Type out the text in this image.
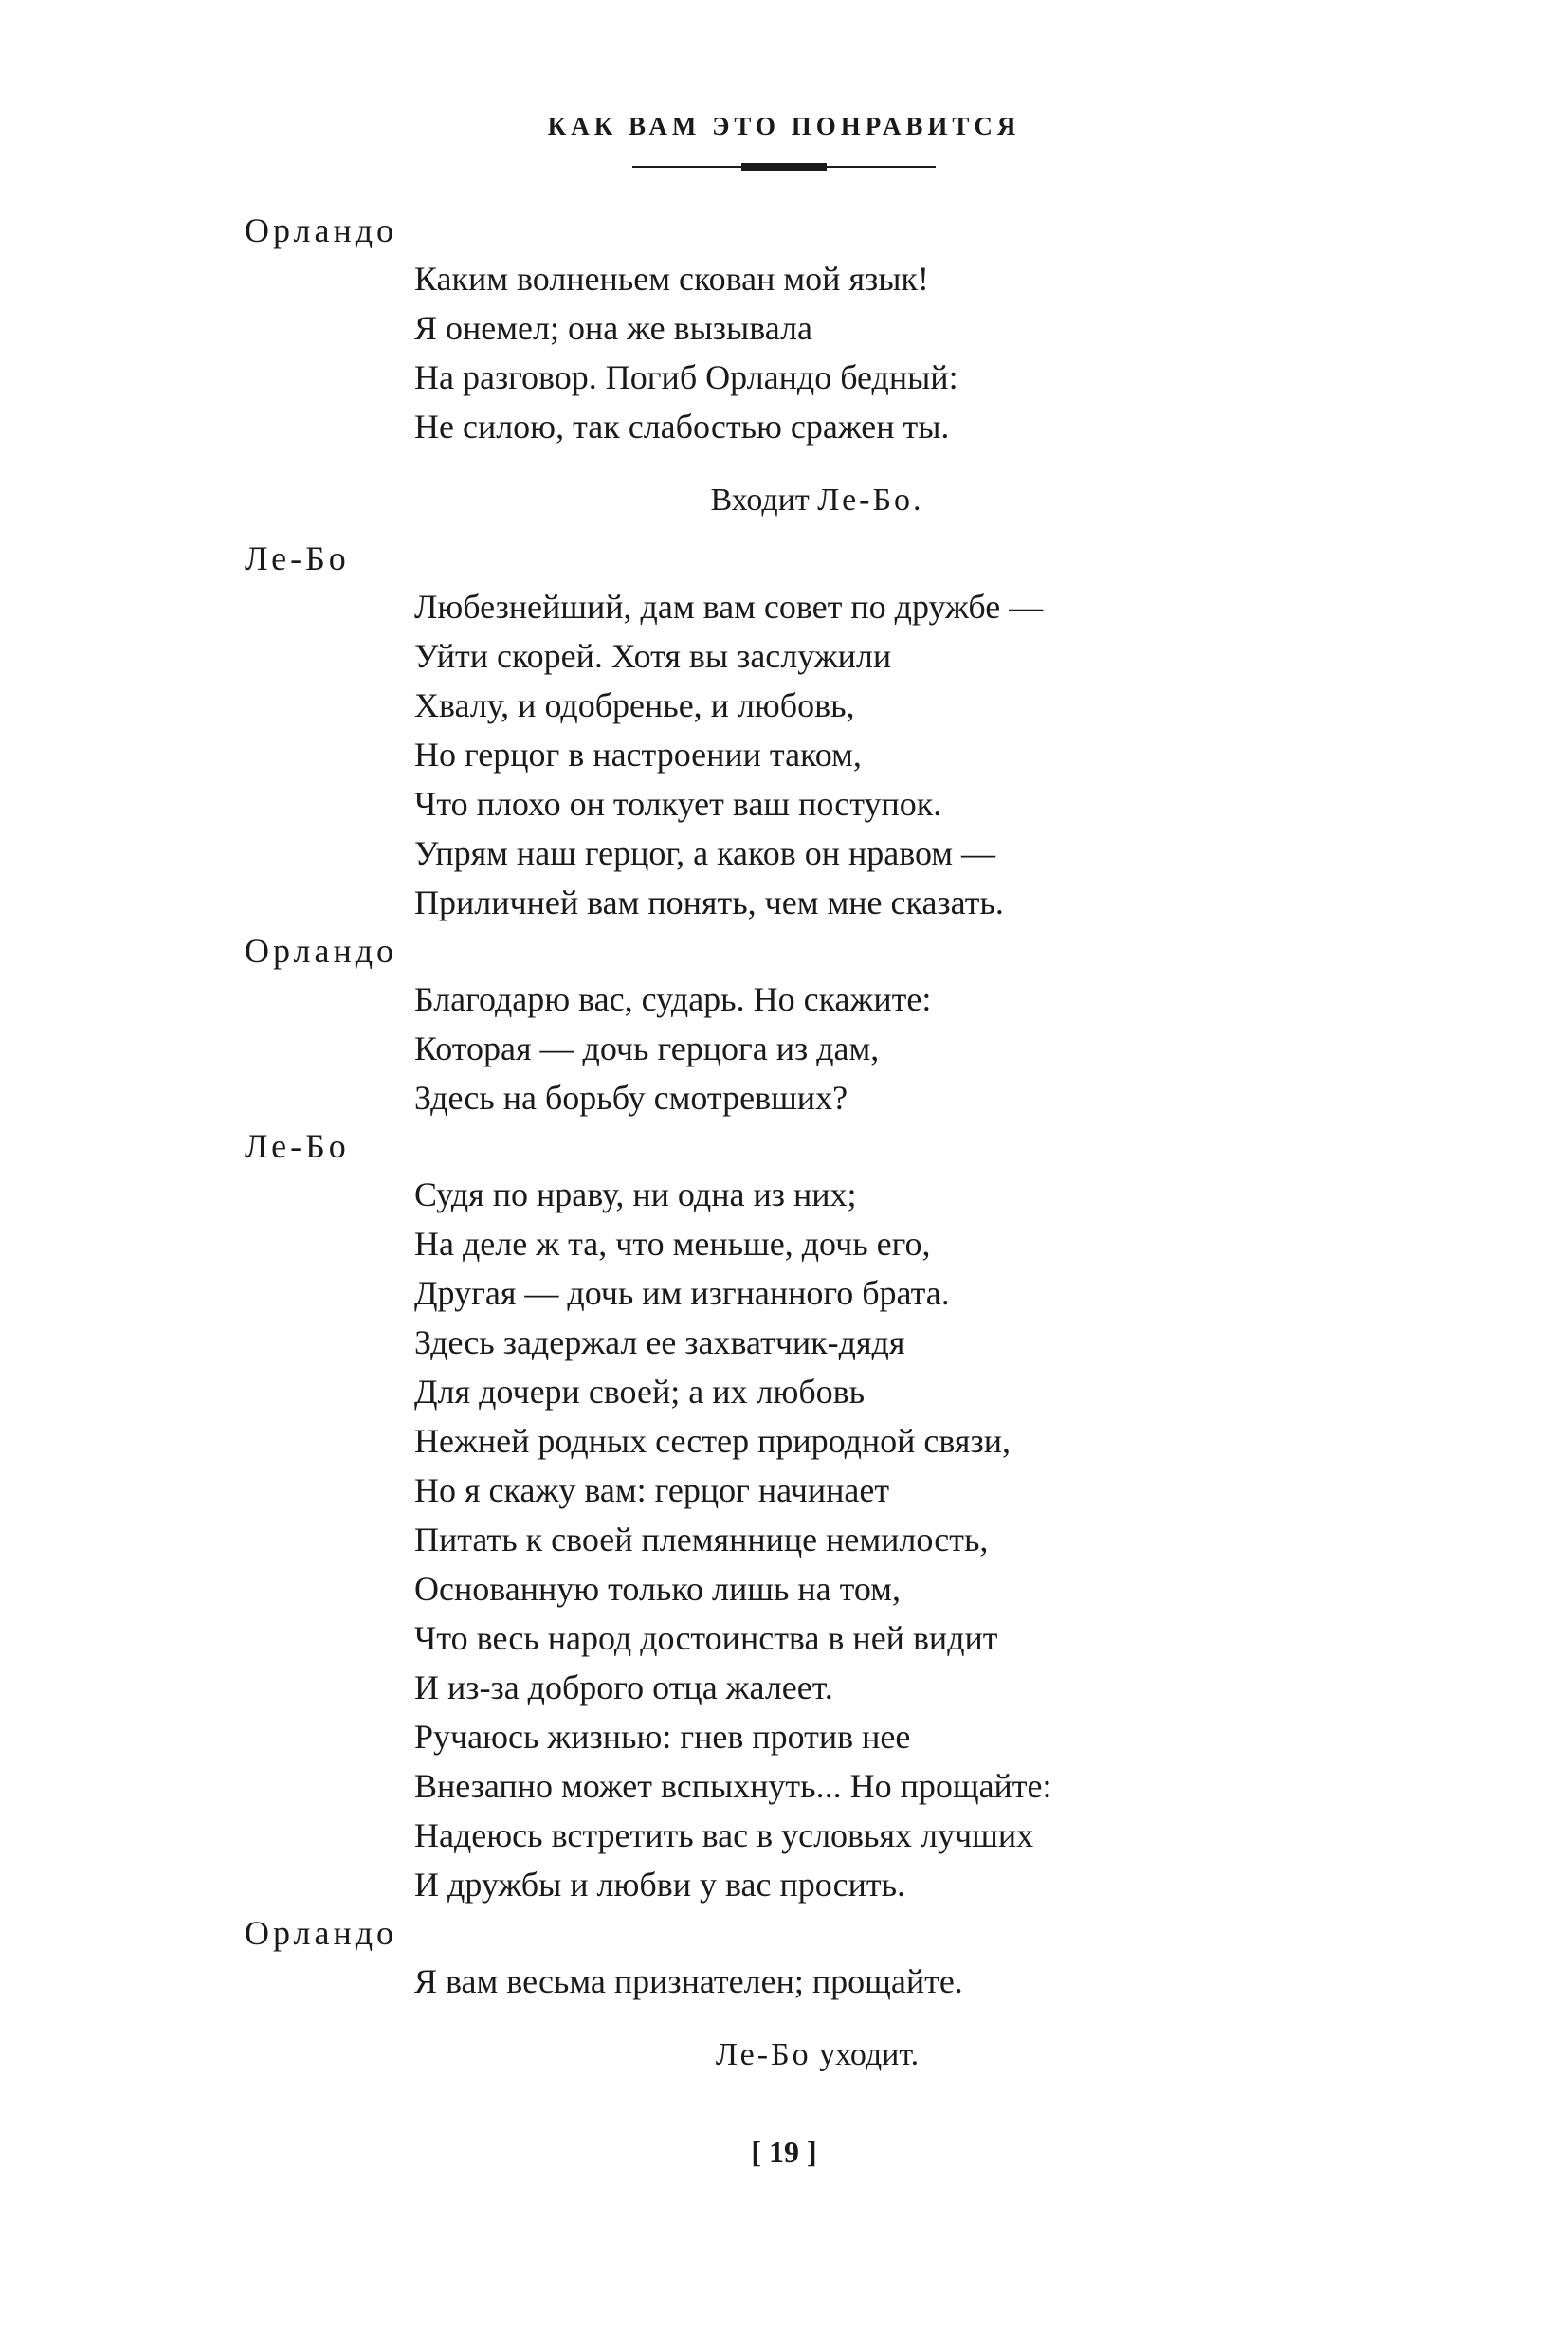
КАК ВАМ ЭТО ПОНРАВИТСЯ
Орландо
Каким волненьем скован мой язык!
Я онемел; она же вызывала
На разговор. Погиб Орландо бедный:
Не силою, так слабостью сражен ты.
Входит Ле-Бо.
Ле-Бо
Любезнейший, дам вам совет по дружбе —
Уйти скорей. Хотя вы заслужили
Хвалу, и одобренье, и любовь,
Но герцог в настроении таком,
Что плохо он толкует ваш поступок.
Упрям наш герцог, а каков он нравом —
Приличней вам понять, чем мне сказать.
Орландо
Благодарю вас, сударь. Но скажите:
Которая — дочь герцога из дам,
Здесь на борьбу смотревших?
Ле-Бо
Судя по нраву, ни одна из них;
На деле ж та, что меньше, дочь его,
Другая — дочь им изгнанного брата.
Здесь задержал ее захватчик-дядя
Для дочери своей; а их любовь
Нежней родных сестер природной связи,
Но я скажу вам: герцог начинает
Питать к своей племяннице немилость,
Основанную только лишь на том,
Что весь народ достоинства в ней видит
И из-за доброго отца жалеет.
Ручаюсь жизнью: гнев против нее
Внезапно может вспыхнуть... Но прощайте:
Надеюсь встретить вас в условьях лучших
И дружбы и любви у вас просить.
Орландо
Я вам весьма признателен; прощайте.
Ле-Бо уходит.
[ 19 ]
